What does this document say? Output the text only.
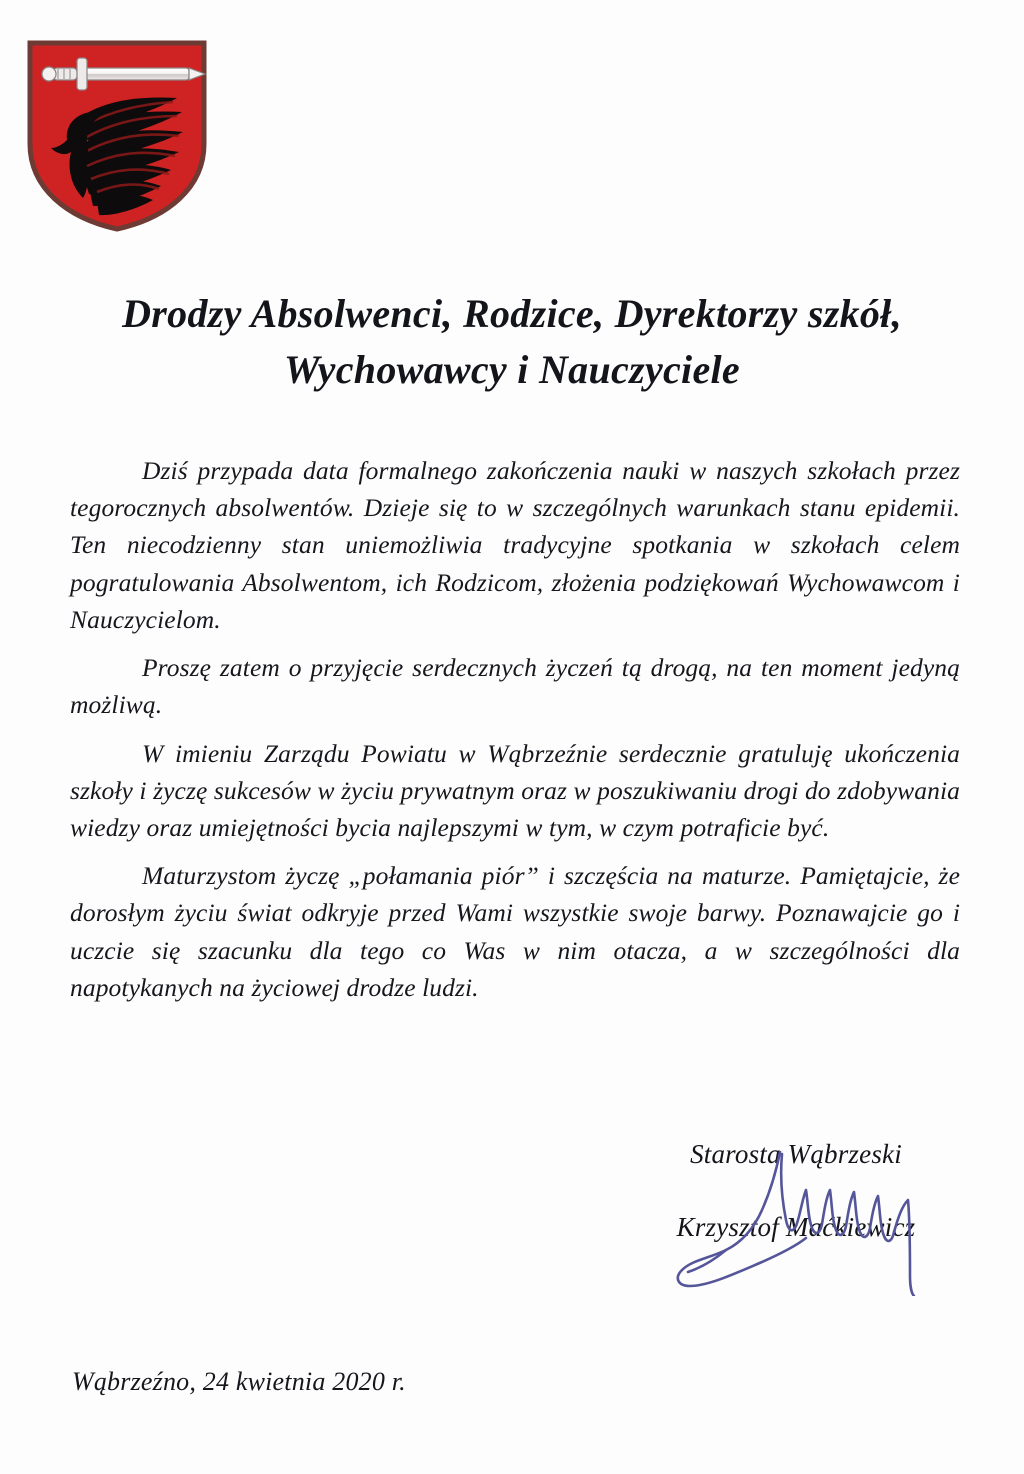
Drodzy Absolwenci, Rodzice, Dyrektorzy szkół,
Wychowawcy i Nauczyciele

Dziś przypada data formalnego zakończenia nauki w naszych szkołach przez tegorocznych absolwentów. Dzieje się to w szczególnych warunkach stanu epidemii. Ten niecodzienny stan uniemożliwia tradycyjne spotkania w szkołach celem pogratulowania Absolwentom, ich Rodzicom, złożenia podziękowań Wychowawcom i Nauczycielom.

Proszę zatem o przyjęcie serdecznych życzeń tą drogą, na ten moment jedyną możliwą.

W imieniu Zarządu Powiatu w Wąbrzeźnie serdecznie gratuluję ukończenia szkoły i życzę sukcesów w życiu prywatnym oraz w poszukiwaniu drogi do zdobywania wiedzy oraz umiejętności bycia najlepszymi w tym, w czym potraficie być.

Maturzystom życzę „połamania piór” i szczęścia na maturze. Pamiętajcie, że dorosłym życiu świat odkryje przed Wami wszystkie swoje barwy. Poznawajcie go i uczcie się szacunku dla tego co Was w nim otacza, a w szczególności dla napotykanych na życiowej drodze ludzi.

Starosta Wąbrzeski
Krzysztof Maćkiewicz
Wąbrzeźno, 24 kwietnia 2020 r.
